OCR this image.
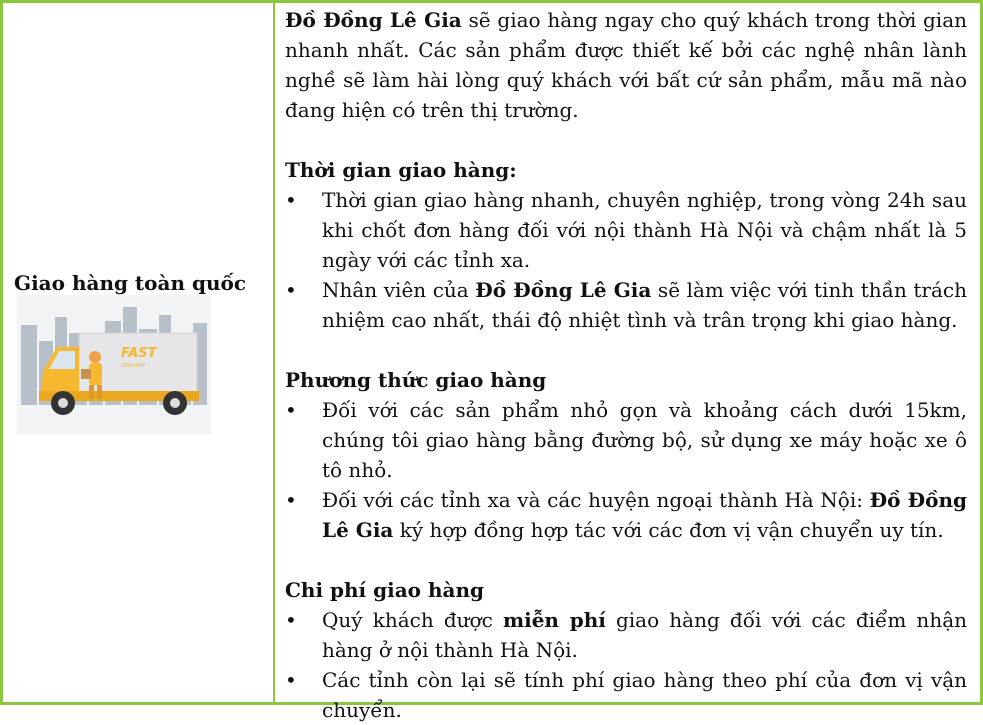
Giao hàng toàn quốc
FAST
DELIVERY

Đồ Đồng Lê Gia sẽ giao hàng ngay cho quý khách trong thời gian nhanh nhất. Các sản phẩm được thiết kế bởi các nghệ nhân lành nghề sẽ làm hài lòng quý khách với bất cứ sản phẩm, mẫu mã nào đang hiện có trên thị trường.

Thời gian giao hàng:

• Thời gian giao hàng nhanh, chuyên nghiệp, trong vòng 24h sau khi chốt đơn hàng đối với nội thành Hà Nội và chậm nhất là 5 ngày với các tỉnh xa.
• Nhân viên của Đồ Đồng Lê Gia sẽ làm việc với tinh thần trách nhiệm cao nhất, thái độ nhiệt tình và trân trọng khi giao hàng.

Phương thức giao hàng

• Đối với các sản phẩm nhỏ gọn và khoảng cách dưới 15km, chúng tôi giao hàng bằng đường bộ, sử dụng xe máy hoặc xe ô tô nhỏ.
• Đối với các tỉnh xa và các huyện ngoại thành Hà Nội: Đồ Đồng Lê Gia ký hợp đồng hợp tác với các đơn vị vận chuyển uy tín.

Chi phí giao hàng

• Quý khách được miễn phí giao hàng đối với các điểm nhận hàng ở nội thành Hà Nội.
• Các tỉnh còn lại sẽ tính phí giao hàng theo phí của đơn vị vận chuyển.
